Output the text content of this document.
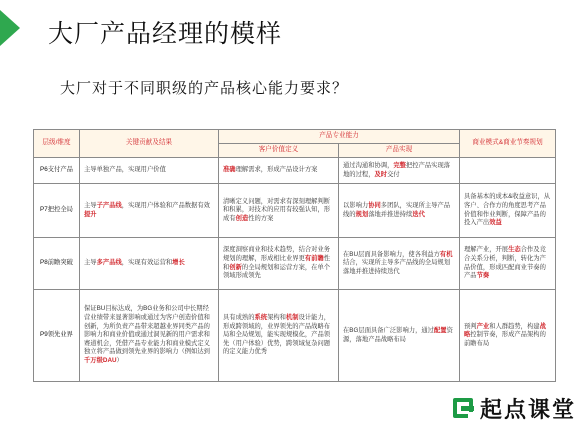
大厂产品经理的模样
大厂对于不同职级的产品核心能力要求？
层级/维度	关键贡献及结果	产品专业能力		商业模式&商业节奏规划
		客户价值定义	产品实现	
P6支付产品	主导单独产品，实现用户价值	准确理解需求，形成产品设计方案	通过沟通和协调，完整把控产品实现落地的过程，及时交付	
P7把控全局	主导子产品线，实现用户体验和产品数据有效提升	清晰定义问题，对需求有深刻理解判断和积累，对技术的应用有较强认知，形成有创造性的方案	以影响力协同多团队，实现所主导产品线的规划落地并推进持续迭代	具备基本的成本&收益意识，从客户、合作方的角度思考产品价值和作业判断，保障产品的投入产出效益
P8前瞻突破	主导多产品线，实现有效运营和增长	深度洞察商业和技术趋势，结合对业务规划的理解，形成相比业界更有前瞻性和创新的全局规划和运营方案，在单个领域形成领先	在BU层面具备影响力，使各利益方有机结合，实现所主导多产品线的全局规划落地并推进持续迭代	理解产业，开展生态合作及竞合关系分析，判断，转化为产品价值，形成匹配商业节奏的产品节奏
P9领先业界	保证BU目标达成，为BG业务和公司中长期经营业绩带来显著影响或通过为客户创造价值和创新，为所负责产品带来超越业界同类产品的影响力和商业价值或通过洞见新的用户需求和赛道机会，凭借产品专业能力和商业模式定义独立将产品做到领先业界的影响力（例如达到千万级DAU）	具有成熟的系统架构和机制设计能力，形成跨领域的，业界领先的产品战略布局和全局规划，能实现规模化，产品领先（用户体验）优势，跨领域复杂问题的定义能力优秀	在BG层面具备广泛影响力，通过配置资源，落地产品战略布局	预判产业和人群趋势，构建战略控制节奏，形成产品架构的前瞻布局
起点课堂
